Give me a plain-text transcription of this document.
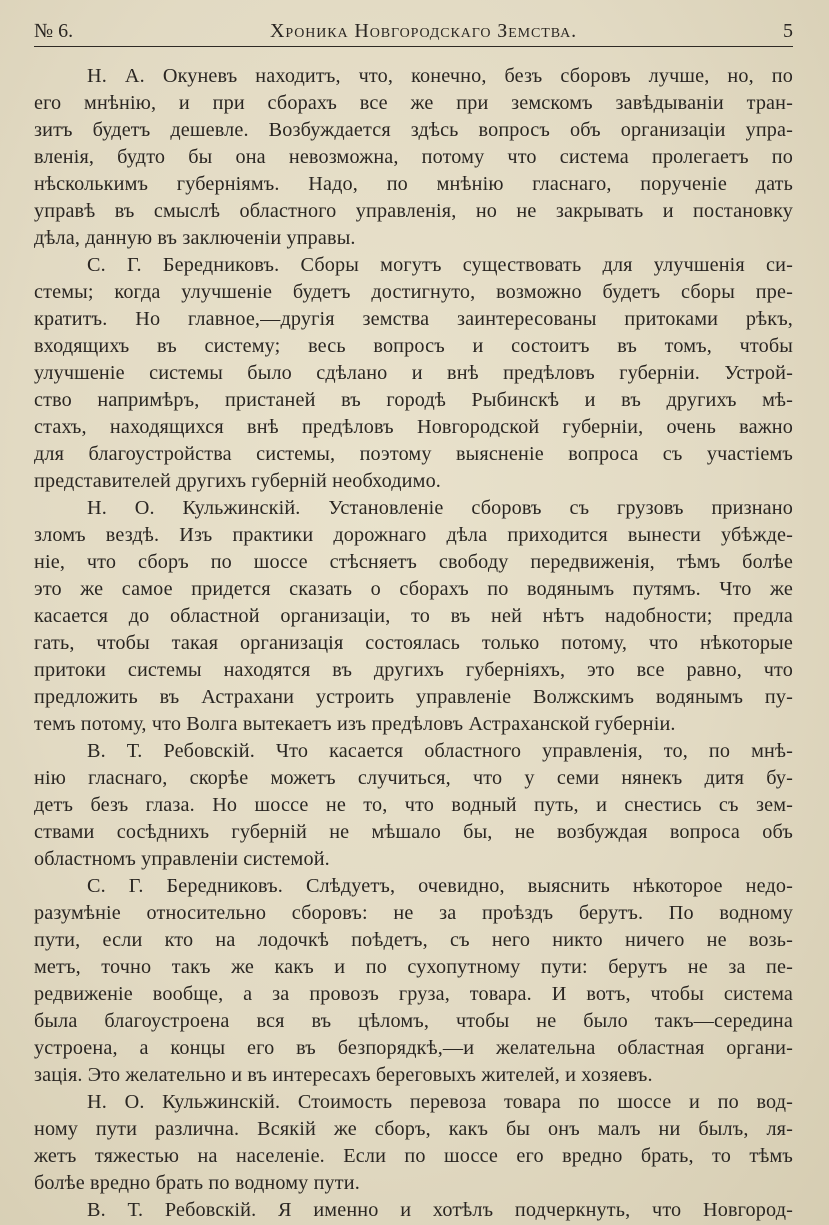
№ 6.	Хроника Новгородскаго Земства.	5
Н. А. Окуневъ находитъ, что, конечно, безъ сборовъ лучше, но, по
его мнѣнію, и при сборахъ все же при земскомъ завѣдываніи тран-
зитъ будетъ дешевле. Возбуждается здѣсь вопросъ объ организаціи упра-
вленія, будто бы она невозможна, потому что система пролегаетъ по
нѣсколькимъ губерніямъ. Надо, по мнѣнію гласнаго, порученіе дать
управѣ въ смыслѣ областного управленія, но не закрывать и постановку
дѣла, данную въ заключеніи управы.
С. Г. Бередниковъ. Сборы могутъ существовать для улучшенія си-
стемы; когда улучшеніе будетъ достигнуто, возможно будетъ сборы пре-
кратитъ. Но главное,—другія земства заинтересованы притоками рѣкъ,
входящихъ въ систему; весь вопросъ и состоитъ въ томъ, чтобы
улучшеніе системы было сдѣлано и внѣ предѣловъ губерніи. Устрой-
ство напримѣръ, пристаней въ городѣ Рыбинскѣ и въ другихъ мѣ-
стахъ, находящихся внѣ предѣловъ Новгородской губерніи, очень важно
для благоустройства системы, поэтому выясненіе вопроса съ участіемъ
представителей другихъ губерній необходимо.
Н. О. Кульжинскій. Установленіе сборовъ съ грузовъ признано
зломъ вездѣ. Изъ практики дорожнаго дѣла приходится вынести убѣжде-
ніе, что сборъ по шоссе стѣсняетъ свободу передвиженія, тѣмъ болѣе
это же самое придется сказать о сборахъ по водянымъ путямъ. Что же
касается до областной организаціи, то въ ней нѣтъ надобности; предла
гать, чтобы такая организація состоялась только потому, что нѣкоторые
притоки системы находятся въ другихъ губерніяхъ, это все равно, что
предложить въ Астрахани устроить управленіе Волжскимъ водянымъ пу-
темъ потому, что Волга вытекаетъ изъ предѣловъ Астраханской губерніи.
В. Т. Ребовскій. Что касается областного управленія, то, по мнѣ-
нію гласнаго, скорѣе можетъ случиться, что у семи нянекъ дитя бу-
детъ безъ глаза. Но шоссе не то, что водный путь, и снестись съ зем-
ствами сосѣднихъ губерній не мѣшало бы, не возбуждая вопроса объ
областномъ управленіи системой.
С. Г. Бередниковъ. Слѣдуетъ, очевидно, выяснить нѣкоторое недо-
разумѣніе относительно сборовъ: не за проѣздъ берутъ. По водному
пути, если кто на лодочкѣ поѣдетъ, съ него никто ничего не возь-
метъ, точно такъ же какъ и по сухопутному пути: берутъ не за пе-
редвиженіе вообще, а за провозъ груза, товара. И вотъ, чтобы система
была благоустроена вся въ цѣломъ, чтобы не было такъ—середина
устроена, а концы его въ безпорядкѣ,—и желательна областная органи-
зація. Это желательно и въ интересахъ береговыхъ жителей, и хозяевъ.
Н. О. Кульжинскій. Стоимость перевоза товара по шоссе и по вод-
ному пути различна. Всякій же сборъ, какъ бы онъ малъ ни былъ, ля-
жетъ тяжестью на населеніе. Если по шоссе его вредно брать, то тѣмъ
болѣе вредно брать по водному пути.
В. Т. Ребовскій. Я именно и хотѣлъ подчеркнуть, что Новгород-
